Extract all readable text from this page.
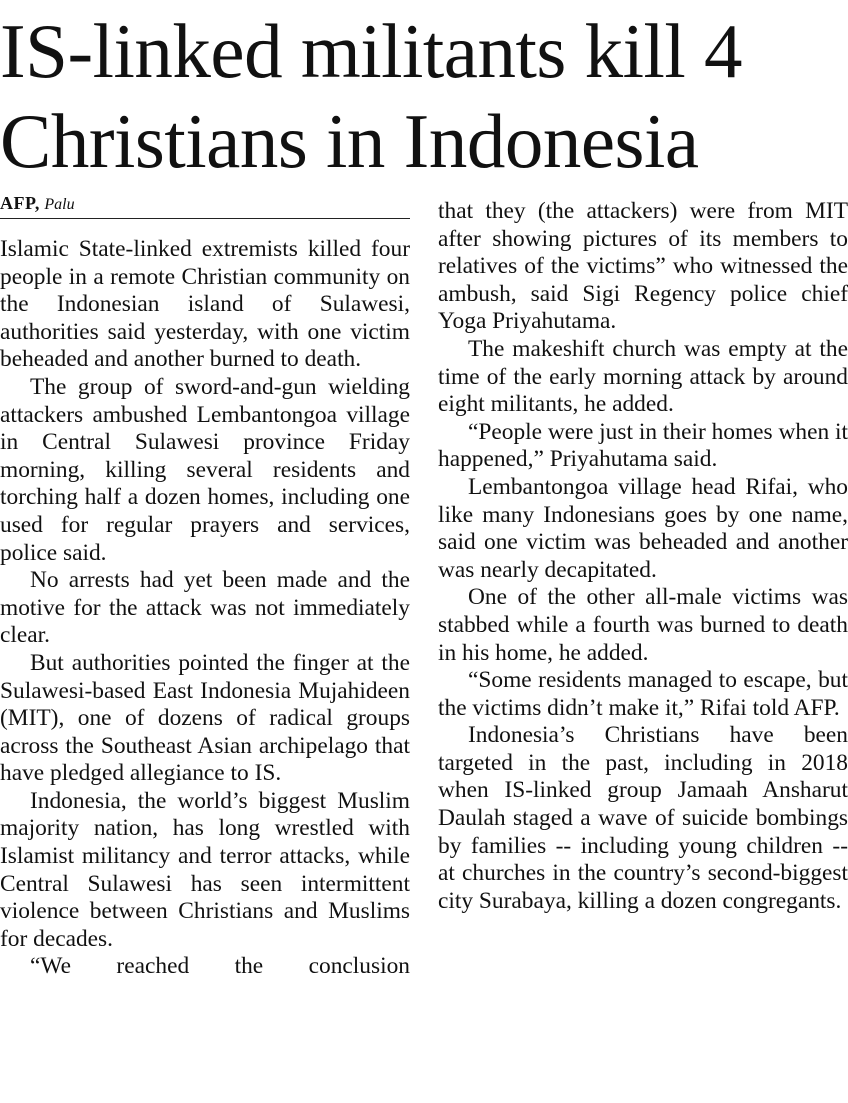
IS-linked militants kill 4
Christians in Indonesia
AFP, Palu

Islamic State-linked extremists killed four people in a remote Christian community on the Indonesian island of Sulawesi, authorities said yesterday, with one victim beheaded and another burned to death.

The group of sword-and-gun wielding attackers ambushed Lembantongoa village in Central Sulawesi province Friday morning, killing several residents and torching half a dozen homes, including one used for regular prayers and services, police said.

No arrests had yet been made and the motive for the attack was not immediately clear.

But authorities pointed the finger at the Sulawesi-based East Indonesia Mujahideen (MIT), one of dozens of radical groups across the Southeast Asian archipelago that have pledged allegiance to IS.

Indonesia, the world’s biggest Muslim majority nation, has long wrestled with Islamist militancy and terror attacks, while Central Sulawesi has seen intermittent violence between Christians and Muslims for decades.

“We reached the conclusion

that they (the attackers) were from MIT after showing pictures of its members to relatives of the victims” who witnessed the ambush, said Sigi Regency police chief Yoga Priyahutama.

The makeshift church was empty at the time of the early morning attack by around eight militants, he added.

“People were just in their homes when it happened,” Priyahutama said.

Lembantongoa village head Rifai, who like many Indonesians goes by one name, said one victim was beheaded and another was nearly decapitated.

One of the other all-male victims was stabbed while a fourth was burned to death in his home, he added.

“Some residents managed to escape, but the victims didn’t make it,” Rifai told AFP.

Indonesia’s Christians have been targeted in the past, including in 2018 when IS-linked group Jamaah Ansharut Daulah staged a wave of suicide bombings by families -- including young children -- at churches in the country’s second-biggest city Surabaya, killing a dozen congregants.
